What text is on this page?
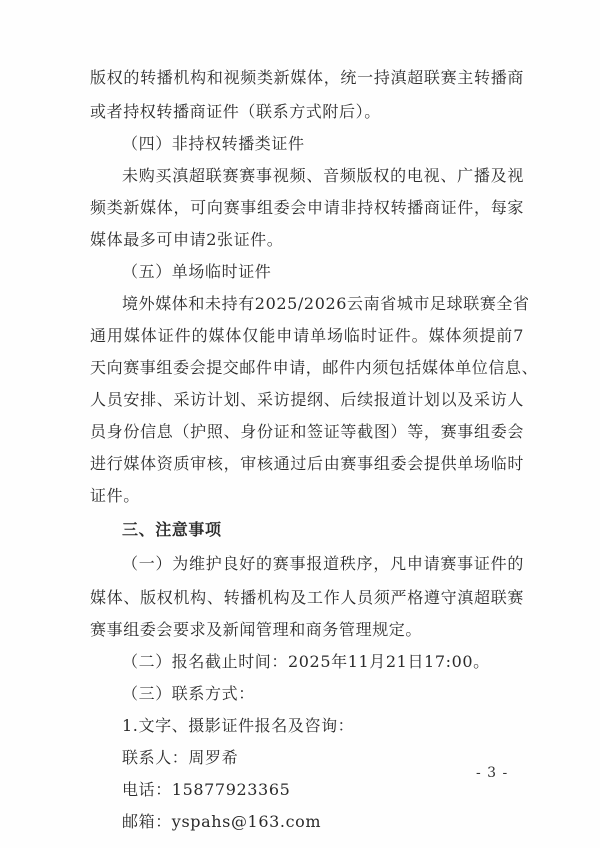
版权的转播机构和视频类新媒体，统一持滇超联赛主转播商
或者持权转播商证件（联系方式附后）。
（四）非持权转播类证件
未购买滇超联赛赛事视频、音频版权的电视、广播及视
频类新媒体，可向赛事组委会申请非持权转播商证件，每家
媒体最多可申请2张证件。
（五）单场临时证件
境外媒体和未持有2025/2026云南省城市足球联赛全省
通用媒体证件的媒体仅能申请单场临时证件。媒体须提前7
天向赛事组委会提交邮件申请，邮件内须包括媒体单位信息、
人员安排、采访计划、采访提纲、后续报道计划以及采访人
员身份信息（护照、身份证和签证等截图）等，赛事组委会
进行媒体资质审核，审核通过后由赛事组委会提供单场临时
证件。
三、注意事项
（一）为维护良好的赛事报道秩序，凡申请赛事证件的
媒体、版权机构、转播机构及工作人员须严格遵守滇超联赛
赛事组委会要求及新闻管理和商务管理规定。
（二）报名截止时间：2025年11月21日17:00。
（三）联系方式：
1.文字、摄影证件报名及咨询：
联系人：周罗希
电话：15877923365
邮箱：yspahs@163.com
- 3 -
